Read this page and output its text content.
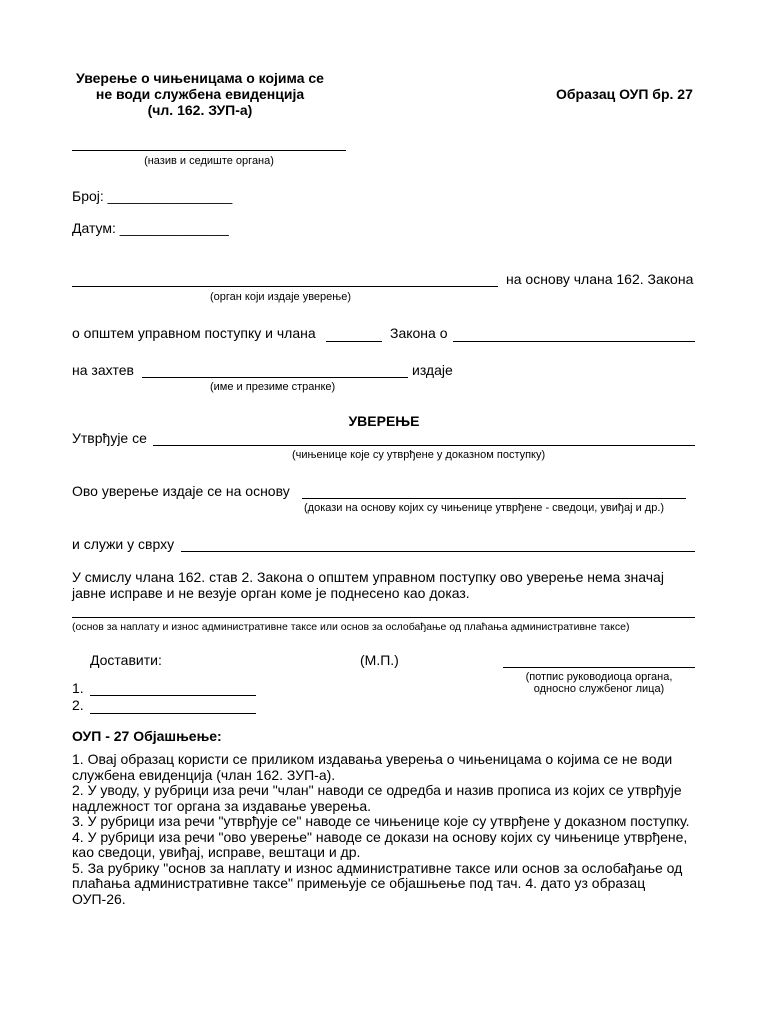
Уверење о чињеницама о којима се
не води службена евиденција
(чл. 162. ЗУП-а)
Образац ОУП бр. 27
(назив и седиште органа)
Број: ________________
Датум: ______________
на основу члана 162. Закона
(орган који издаје уверење)
о општем управном поступку и члана	Закона о
на захтев	издаје
(име и презиме странке)
УВЕРЕЊЕ
Утврђује се
(чињенице које су утврђене у доказном поступку)
Ово уверење издаје се на основу
(докази на основу којих су чињенице утврђене - сведоци, увиђај и др.)
и служи у сврху
У смислу члана 162. став 2. Закона о општем управном поступку ово уверење нема значај јавне исправе и не везује орган коме је поднесено као доказ.
(основ за наплату и износ административне таксе или основ за ослобађање од плаћања административне таксе)
Доставити:	(М.П.)
(потпис руководиоца органа,
односно службеног лица)
1.
2.
ОУП - 27 Објашњење:
1. Овај образац користи се приликом издавања уверења о чињеницама о којима се не води службена евиденција (члан 162. ЗУП-а).
2. У уводу, у рубрици иза речи "члан" наводи се одредба и назив прописа из којих се утврђује надлежност тог органа за издавање уверења.
3. У рубрици иза речи "утврђује се" наводе се чињенице које су утврђене у доказном поступку.
4. У рубрици иза речи "ово уверење" наводе се докази на основу којих су чињенице утврђене, као сведоци, увиђај, исправе, вештаци и др.
5. За рубрику "основ за наплату и износ административне таксе или основ за ослобађање од плаћања административне таксе" примењује се објашњење под тач. 4. дато уз образац ОУП-26.
